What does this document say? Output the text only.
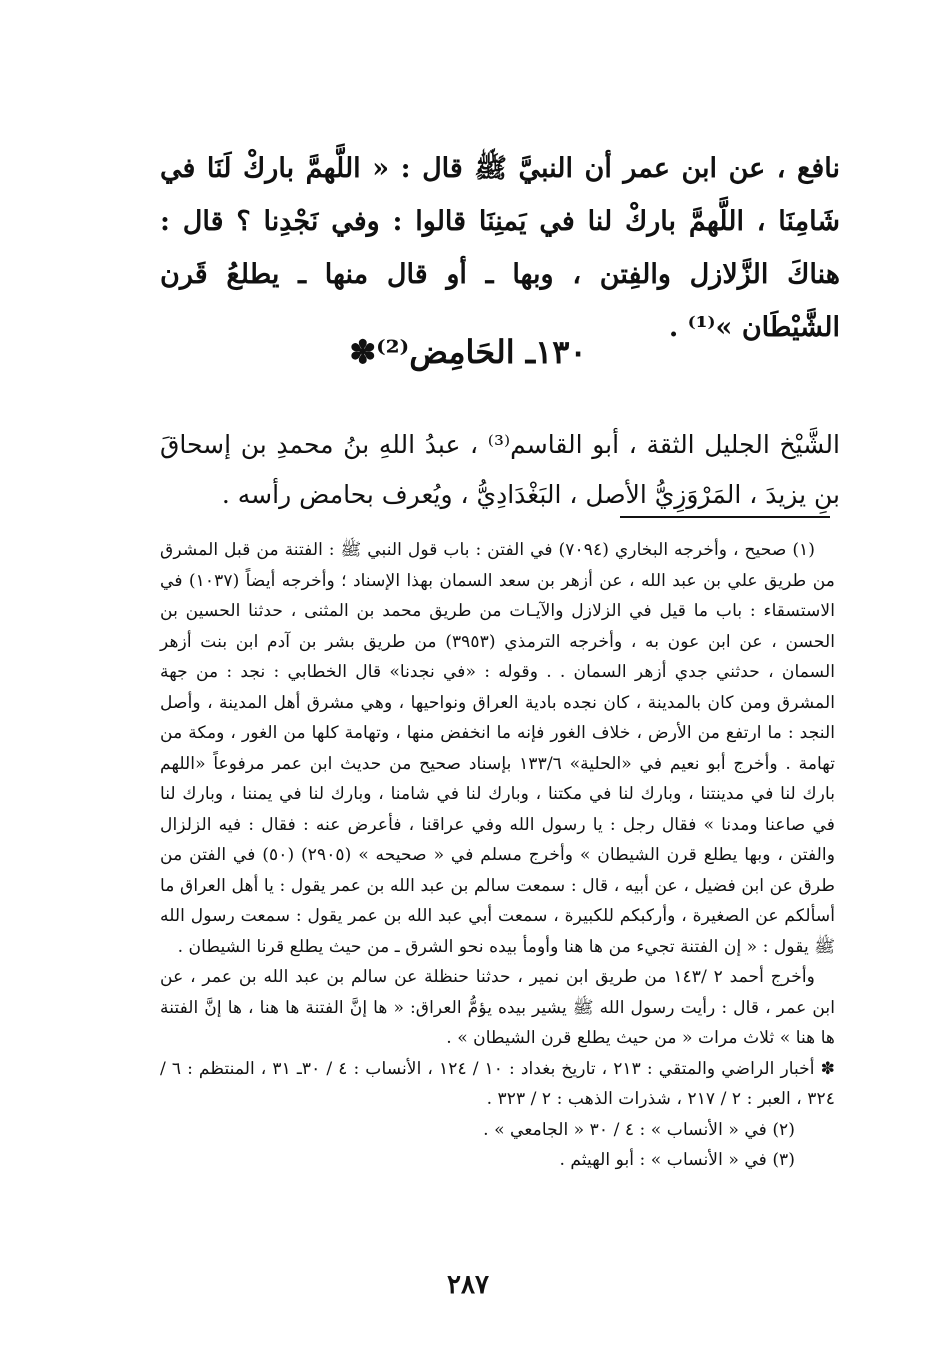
نافع ، عن ابن عمر أن النبيَّ ﷺ قال : « اللَّهمَّ باركْ لَنَا في شَامِنَا ، اللَّهمَّ باركْ لنا في يَمنِنَا قالوا : وفي نَجْدِنا ؟ قال : هناكَ الزَّلازل والفِتن ، وبها ـ أو قال منها ـ يطلعُ قَرن الشَّيْطَان »⁽¹⁾ .

١٣٠ـ الحَامِض⁽²⁾✽

الشَّيْخ الجليل الثقة ، أبو القاسم⁽³⁾ ، عبدُ اللهِ بنُ محمدِ بن إسحاقَ بنِ يزيدَ ، المَرْوَزِيُّ الأصل ، البَغْدَادِيُّ ، ويُعرف بحامض رأسه .

(١) صحيح ، وأخرجه البخاري (٧٠٩٤) في الفتن : باب قول النبي ﷺ : الفتنة من قبل المشرق من طريق علي بن عبد الله ، عن أزهر بن سعد السمان بهذا الإسناد ؛ وأخرجه أيضاً (١٠٣٧) في الاستسقاء : باب ما قيل في الزلازل والآيـات من طريق محمد بن المثنى ، حدثنا الحسين بن الحسن ، عن ابن عون به ، وأخرجه الترمذي (٣٩٥٣) من طريق بشر بن آدم ابن بنت أزهر السمان ، حدثني جدي أزهر السمان . . وقوله : «في نجدنا» قال الخطابي : نجد : من جهة المشرق ومن كان بالمدينة ، كان نجده بادية العراق ونواحيها ، وهي مشرق أهل المدينة ، وأصل النجد : ما ارتفع من الأرض ، خلاف الغور فإنه ما انخفض منها ، وتهامة كلها من الغور ، ومكة من تهامة . وأخرج أبو نعيم في «الحلية» ١٣٣/٦ بإسناد صحيح من حديث ابن عمر مرفوعاً «اللهم بارك لنا في مدينتنا ، وبارك لنا في مكتنا ، وبارك لنا في شامنا ، وبارك لنا في يمننا ، وبارك لنا في صاعنا ومدنا » فقال رجل : يا رسول الله وفي عراقنا ، فأعرض عنه : فقال : فيه الزلزال والفتن ، وبها يطلع قرن الشيطان » وأخرج مسلم في « صحيحه » (٢٩٠٥) (٥٠) في الفتن من طرق عن ابن فضيل ، عن أبيه ، قال : سمعت سالم بن عبد الله بن عمر يقول : يا أهل العراق ما أسألكم عن الصغيرة ، وأركبكم للكبيرة ، سمعت أبي عبد الله بن عمر يقول : سمعت رسول الله ﷺ يقول : « إن الفتنة تجيء من ها هنا وأومأ بيده نحو الشرق ـ من حيث يطلع قرنا الشيطان .

وأخرج أحمد ٢ /١٤٣ من طريق ابن نمير ، حدثنا حنظلة عن سالم بن عبد الله بن عمر ، عن ابن عمر ، قال : رأيت رسول الله ﷺ يشير بيده يؤمُّ العراق: « ها إنَّ الفتنة ها هنا ، ها إنَّ الفتنة ها هنا » ثلاث مرات « من حيث يطلع قرن الشيطان » .

✽ أخبار الراضي والمتقي : ٢١٣ ، تاريخ بغداد : ١٠ / ١٢٤ ، الأنساب : ٤ / ٣٠ـ ٣١ ، المنتظم : ٦ / ٣٢٤ ، العبر : ٢ / ٢١٧ ، شذرات الذهب : ٢ / ٣٢٣ .

(٢) في « الأنساب » : ٤ / ٣٠ « الجامعي » .

(٣) في « الأنساب » : أبو الهيثم .

٢٨٧
